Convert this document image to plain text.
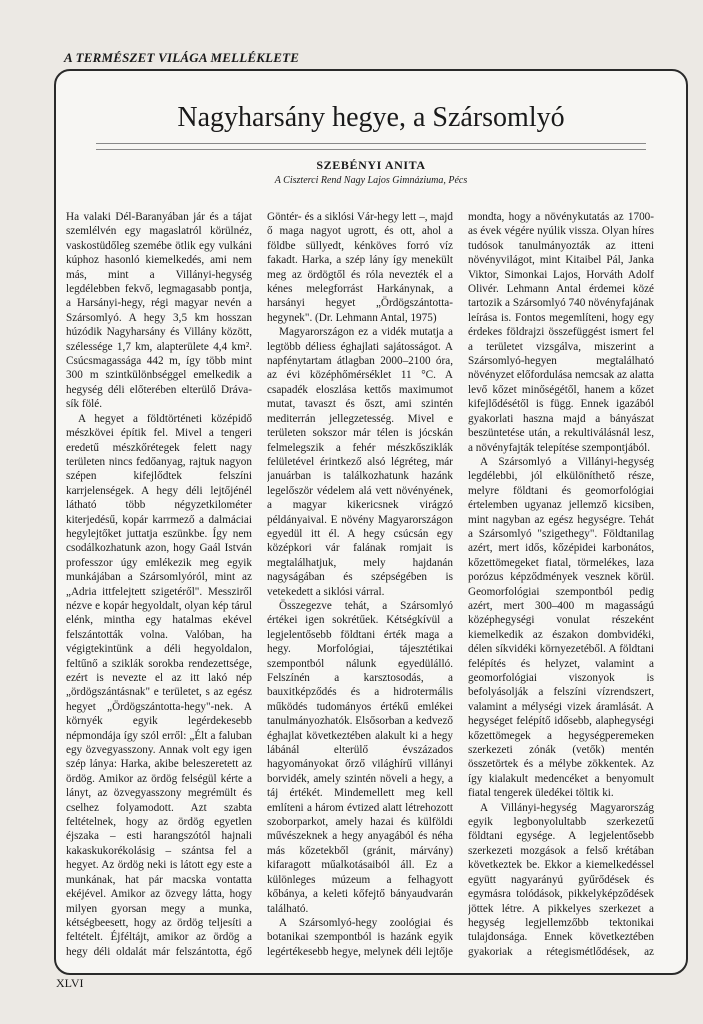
A TERMÉSZET VILÁGA MELLÉKLETE
Nagyharsány hegye, a Szársomlyó
SZEBÉNYI ANITA
A Ciszterci Rend Nagy Lajos Gimnáziuma, Pécs

Ha valaki Dél-Baranyában jár és a tájat szemlélvén egy magaslatról körülnéz, vaskostüdőleg szemébe ötlik egy vulkáni kúphoz hasonló kiemelkedés, ami nem más, mint a Villányi-hegység legdélebben fekvő, legmagasabb pontja, a Harsányi-hegy, régi magyar nevén a Szársomlyó. A hegy 3,5 km hosszan húzódik Nagyharsány és Villány között, szélessége 1,7 km, alapterülete 4,4 km². Csúcsmagassága 442 m, így több mint 300 m szintkülönbséggel emelkedik a hegység déli előterében elterülő Dráva-sík fölé.

A hegyet a földtörténeti középidő mészkövei építik fel. Mivel a tengeri eredetű mészkőrétegek felett nagy területen nincs fedőanyag, rajtuk nagyon szépen kifejlődtek felszíni karrjelenségek. A hegy déli lejtőjénél látható több négyzetkilométer kiterjedésű, kopár karrmező a dalmáciai hegylejtőket juttatja eszünkbe. Így nem csodálkozhatunk azon, hogy Gaál István professzor úgy emlékezik meg egyik munkájában a Szársomlyóról, mint az „Adria ittfelejtett szigetéről". Messziről nézve e kopár hegyoldalt, olyan kép tárul elénk, mintha egy hatalmas ekével felszántották volna. Valóban, ha végigtekintünk a déli hegyoldalon, feltűnő a sziklák sorokba rendezettsége, ezért is nevezte el az itt lakó nép „ördögszántásnak" e területet, s az egész hegyet „Ördögszántotta-hegy"-nek. A környék egyik legérdekesebb népmondája így szól erről: „Élt a faluban egy özvegyasszony. Annak volt egy igen szép lánya: Harka, akibe beleszeretett az ördög. Amikor az ördög felségül kérte a lányt, az özvegyasszony megrémült és cselhez folyamodott. Azt szabta feltételnek, hogy az ördög egyetlen éjszaka – esti harangszótól hajnali kakaskukorékolásig – szántsa fel a hegyet. Az ördög neki is látott egy este a munkának, hat pár macska vontatta ekéjével. Amikor az özvegy látta, hogy milyen gyorsan megy a munka, kétségbeesett, hogy az ördög teljesíti a feltételt. Éjféltájt, amikor az ördög a hegy déli oldalát már felszántotta, égő

Göntér- és a siklósi Vár-hegy lett –, majd ő maga nagyot ugrott, és ott, ahol a földbe süllyedt, kénköves forró víz fakadt. Harka, a szép lány így menekült meg az ördögtől és róla nevezték el a kénes melegforrást Harkánynak, a harsányi hegyet „Ördögszántotta-hegynek". (Dr. Lehmann Antal, 1975)

Magyarországon ez a vidék mutatja a legtöbb déliess éghajlati sajátosságot. A napfénytartam átlagban 2000–2100 óra, az évi középhőmérséklet 11 °C. A csapadék eloszlása kettős maximumot mutat, tavaszt és őszt, ami szintén mediterrán jellegzetesség. Mivel e területen sokszor már télen is jócskán felmelegszik a fehér mészkősziklák felületével érintkező alsó légréteg, már januárban is találkozhatunk hazánk legelőször védelem alá vett növényének, a magyar kikericsnek virágzó példányaival. E növény Magyarországon egyedül itt él. A hegy csúcsán egy középkori vár falának romjait is megtalálhatjuk, mely hajdanán nagyságában és szépségében is vetekedett a siklósi várral.

Összegezve tehát, a Szársomlyó értékei igen sokrétűek. Kétségkívül a legjelentősebb földtani érték maga a hegy. Morfológiai, tájesztétikai szempontból nálunk egyedülálló. Felszínén a karsztosodás, a bauxitképződés és a hidrotermális működés tudományos értékű emlékei tanulmányozhatók. Elsősorban a kedvező éghajlat következtében alakult ki a hegy lábánál elterülő évszázados hagyományokat őrző világhírű villányi borvidék, amely szintén növeli a hegy, a táj értékét. Mindemellett meg kell említeni a három évtized alatt létrehozott szoborparkot, amely hazai és külföldi művészeknek a hegy anyagából és néha más kőzetekből (gránit, márvány) kifaragott műalkotásaiból áll. Ez a különleges múzeum a felhagyott kőbánya, a keleti kőfejtő bányaudvarán található.

A Szársomlyó-hegy zoológiai és botanikai szempontból is hazánk egyik legértékesebb hegye, melynek déli lejtője

mondta, hogy a növénykutatás az 1700-as évek végére nyúlik vissza. Olyan híres tudósok tanulmányozták az itteni növényvilágot, mint Kitaibel Pál, Janka Viktor, Simonkai Lajos, Horváth Adolf Olivér. Lehmann Antal érdemei közé tartozik a Szársomlyó 740 növényfajának leírása is. Fontos megemlíteni, hogy egy érdekes földrajzi összefüggést ismert fel a területet vizsgálva, miszerint a Szársomlyó-hegyen megtalálható növényzet előfordulása nemcsak az alatta levő kőzet minőségétől, hanem a kőzet kifejlődésétől is függ. Ennek igazából gyakorlati haszna majd a bányászat beszüntetése után, a rekultiválásnál lesz, a növényfajták telepítése szempontjából.

A Szársomlyó a Villányi-hegység legdélebbi, jól elkülöníthető része, melyre földtani és geomorfológiai értelemben ugyanaz jellemző kicsiben, mint nagyban az egész hegységre. Tehát a Szársomlyó "szigethegy". Földtanilag azért, mert idős, kőzépidei karbonátos, kőzettömegeket fiatal, törmelékes, laza porózus képződmények vesznek körül. Geomorfológiai szempontból pedig azért, mert 300–400 m magasságú középhegységi vonulat részeként kiemelkedik az északon dombvidéki, délen síkvidéki környezetéből. A földtani felépítés és helyzet, valamint a geomorfológiai viszonyok is befolyásolják a felszíni vízrendszert, valamint a mélységi vizek áramlását. A hegységet felépítő idősebb, alaphegységi kőzettömegek a hegységperemeken szerkezeti zónák (vetők) mentén összetörtek és a mélybe zökkentek. Az így kialakult medencéket a benyomult fiatal tengerek üledékei töltik ki.

A Villányi-hegység Magyarország egyik legbonyolultabb szerkezetű földtani egysége. A legjelentősebb szerkezeti mozgások a felső krétában következtek be. Ekkor a kiemelkedéssel együtt nagyarányú gyűrődések és egymásra tolódások, pikkelyképződések jöttek létre. A pikkelyes szerkezet a hegység legjellemzőbb tektonikai tulajdonsága. Ennek következtében gyakoriak a rétegismétlődések, az

XLVI
